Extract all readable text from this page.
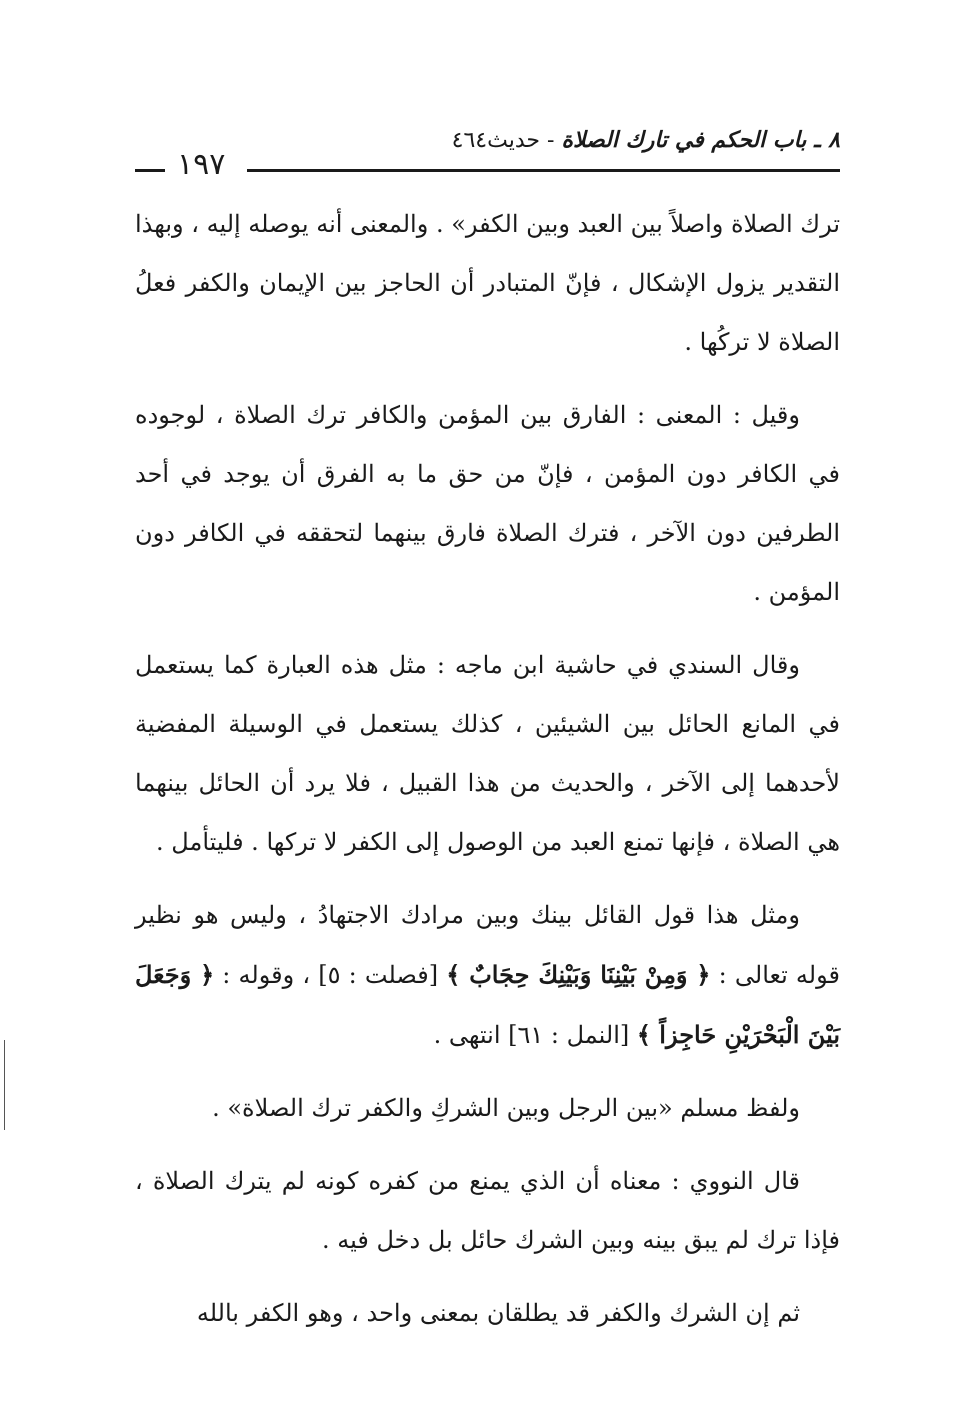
٨ ـ باب الحكم في تارك الصلاة - حديث٤٦٤
١٩٧

ترك الصلاة واصلاً بين العبد وبين الكفر» . والمعنى أنه يوصله إليه ، وبهذا التقدير يزول الإشكال ، فإنّ المتبادر أن الحاجز بين الإيمان والكفر فعلُ الصلاة لا تركُها .

وقيل : المعنى : الفارق بين المؤمن والكافر ترك الصلاة ، لوجوده في الكافر دون المؤمن ، فإنّ من حق ما به الفرق أن يوجد في أحد الطرفين دون الآخر ، فترك الصلاة فارق بينهما لتحققه في الكافر دون المؤمن .

وقال السندي في حاشية ابن ماجه : مثل هذه العبارة كما يستعمل في المانع الحائل بين الشيئين ، كذلك يستعمل في الوسيلة المفضية لأحدهما إلى الآخر ، والحديث من هذا القبيل ، فلا يرد أن الحائل بينهما هي الصلاة ، فإنها تمنع العبد من الوصول إلى الكفر لا تركها . فليتأمل .

ومثل هذا قول القائل بينك وبين مرادك الاجتهادُ ، وليس هو نظير قوله تعالى : ﴿ وَمِنْ بَيْنِنَا وَبَيْنِكَ حِجَابٌ ﴾ [فصلت : ٥] ، وقوله : ﴿ وَجَعَلَ بَيْنَ الْبَحْرَيْنِ حَاجِزاً ﴾ [النمل : ٦١] انتهى .

ولفظ مسلم «بين الرجل وبين الشركِ والكفر ترك الصلاة» .

قال النووي : معناه أن الذي يمنع من كفره كونه لم يترك الصلاة ، فإذا ترك لم يبق بينه وبين الشرك حائل بل دخل فيه .

ثم إن الشرك والكفر قد يطلقان بمعنى واحد ، وهو الكفر بالله
